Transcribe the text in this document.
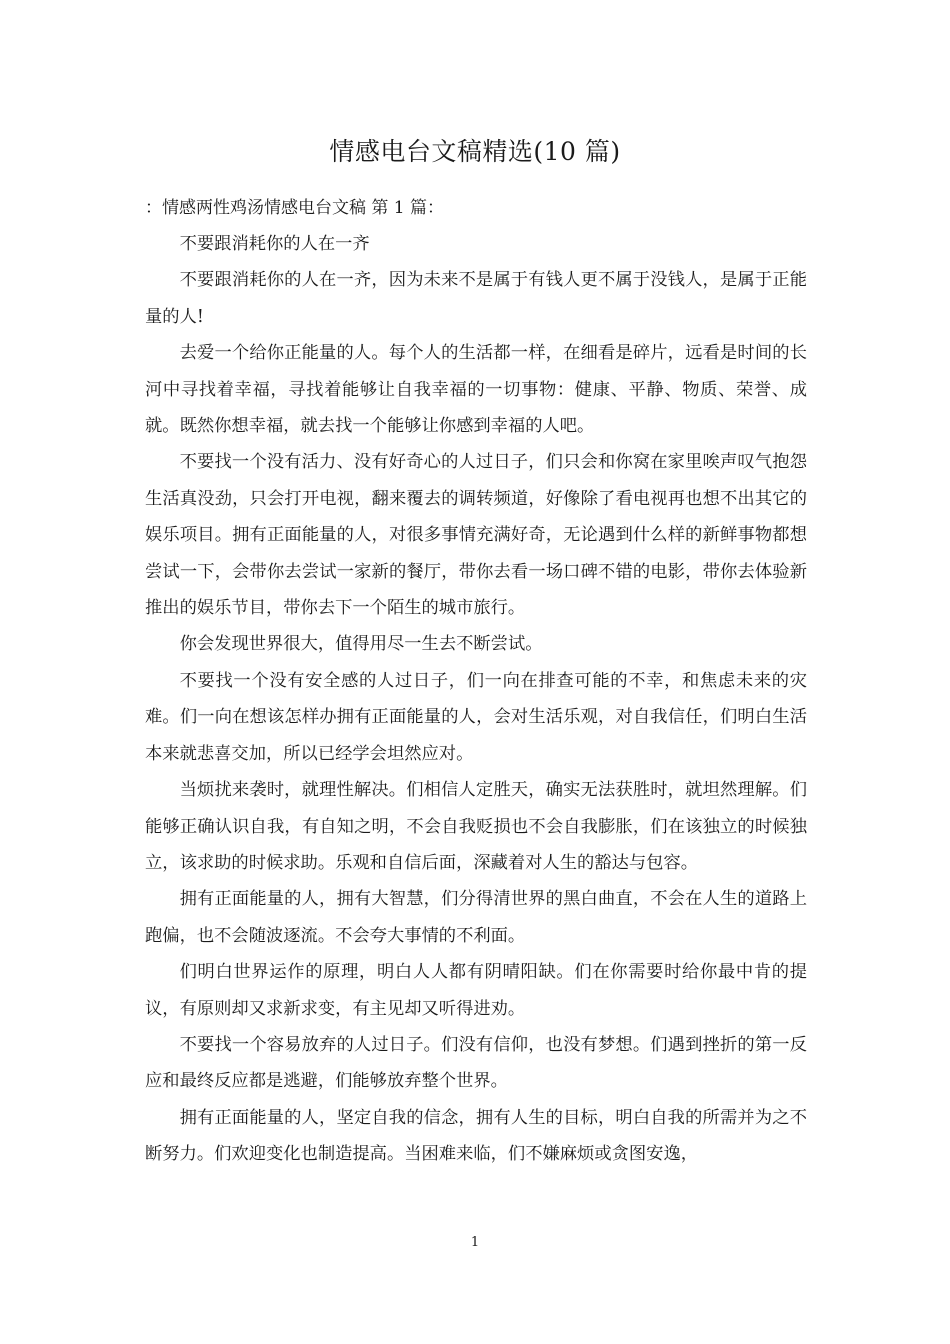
情感电台文稿精选(10 篇)

：情感两性鸡汤情感电台文稿 第 1 篇：

不要跟消耗你的人在一齐

不要跟消耗你的人在一齐，因为未来不是属于有钱人更不属于没钱人，是属于正能量的人!

去爱一个给你正能量的人。每个人的生活都一样，在细看是碎片，远看是时间的长河中寻找着幸福，寻找着能够让自我幸福的一切事物：健康、平静、物质、荣誉、成就。既然你想幸福，就去找一个能够让你感到幸福的人吧。

不要找一个没有活力、没有好奇心的人过日子，们只会和你窝在家里唉声叹气抱怨生活真没劲，只会打开电视，翻来覆去的调转频道，好像除了看电视再也想不出其它的娱乐项目。拥有正面能量的人，对很多事情充满好奇，无论遇到什么样的新鲜事物都想尝试一下，会带你去尝试一家新的餐厅，带你去看一场口碑不错的电影，带你去体验新推出的娱乐节目，带你去下一个陌生的城市旅行。

你会发现世界很大，值得用尽一生去不断尝试。

不要找一个没有安全感的人过日子，们一向在排查可能的不幸，和焦虑未来的灾难。们一向在想该怎样办拥有正面能量的人，会对生活乐观，对自我信任，们明白生活本来就悲喜交加，所以已经学会坦然应对。

当烦扰来袭时，就理性解决。们相信人定胜天，确实无法获胜时，就坦然理解。们能够正确认识自我，有自知之明，不会自我贬损也不会自我膨胀，们在该独立的时候独立，该求助的时候求助。乐观和自信后面，深藏着对人生的豁达与包容。

拥有正面能量的人，拥有大智慧，们分得清世界的黑白曲直，不会在人生的道路上跑偏，也不会随波逐流。不会夸大事情的不利面。

们明白世界运作的原理，明白人人都有阴晴阳缺。们在你需要时给你最中肯的提议，有原则却又求新求变，有主见却又听得进劝。

不要找一个容易放弃的人过日子。们没有信仰，也没有梦想。们遇到挫折的第一反应和最终反应都是逃避，们能够放弃整个世界。

拥有正面能量的人，坚定自我的信念，拥有人生的目标，明白自我的所需并为之不断努力。们欢迎变化也制造提高。当困难来临，们不嫌麻烦或贪图安逸，

1
